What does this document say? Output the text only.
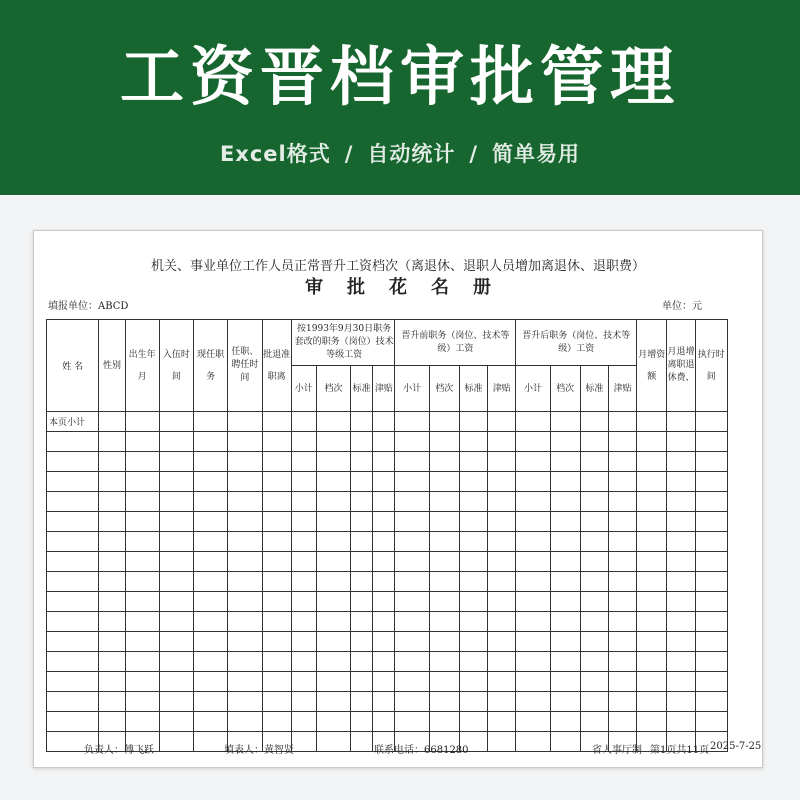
工资晋档审批管理
Excel格式 / 自动统计 / 简单易用
机关、事业单位工作人员正常晋升工资档次（离退休、退职人员增加离退休、退职费）
审批花名册
填报单位：ABCD	单位：元
姓 名	性别	出生年月	入伍时间	现任职务	任职、聘任时间	批退准职离	按1993年9月30日职务套改的职务（岗位）技术等级工资				晋升前职务（岗位、技术等级）工资				晋升后职务（岗位、技术等级）工资				月增资额	月退增离职退休费、	执行时间
							小计	档次	标准	津贴	小计	档次	标准	津贴	小计	档次	标准	津贴			
本页小计																					

负责人：傅飞跃	填表人：黄智贤	联系电话：6681280	省人事厅制 第1页共11页 2025-7-25
